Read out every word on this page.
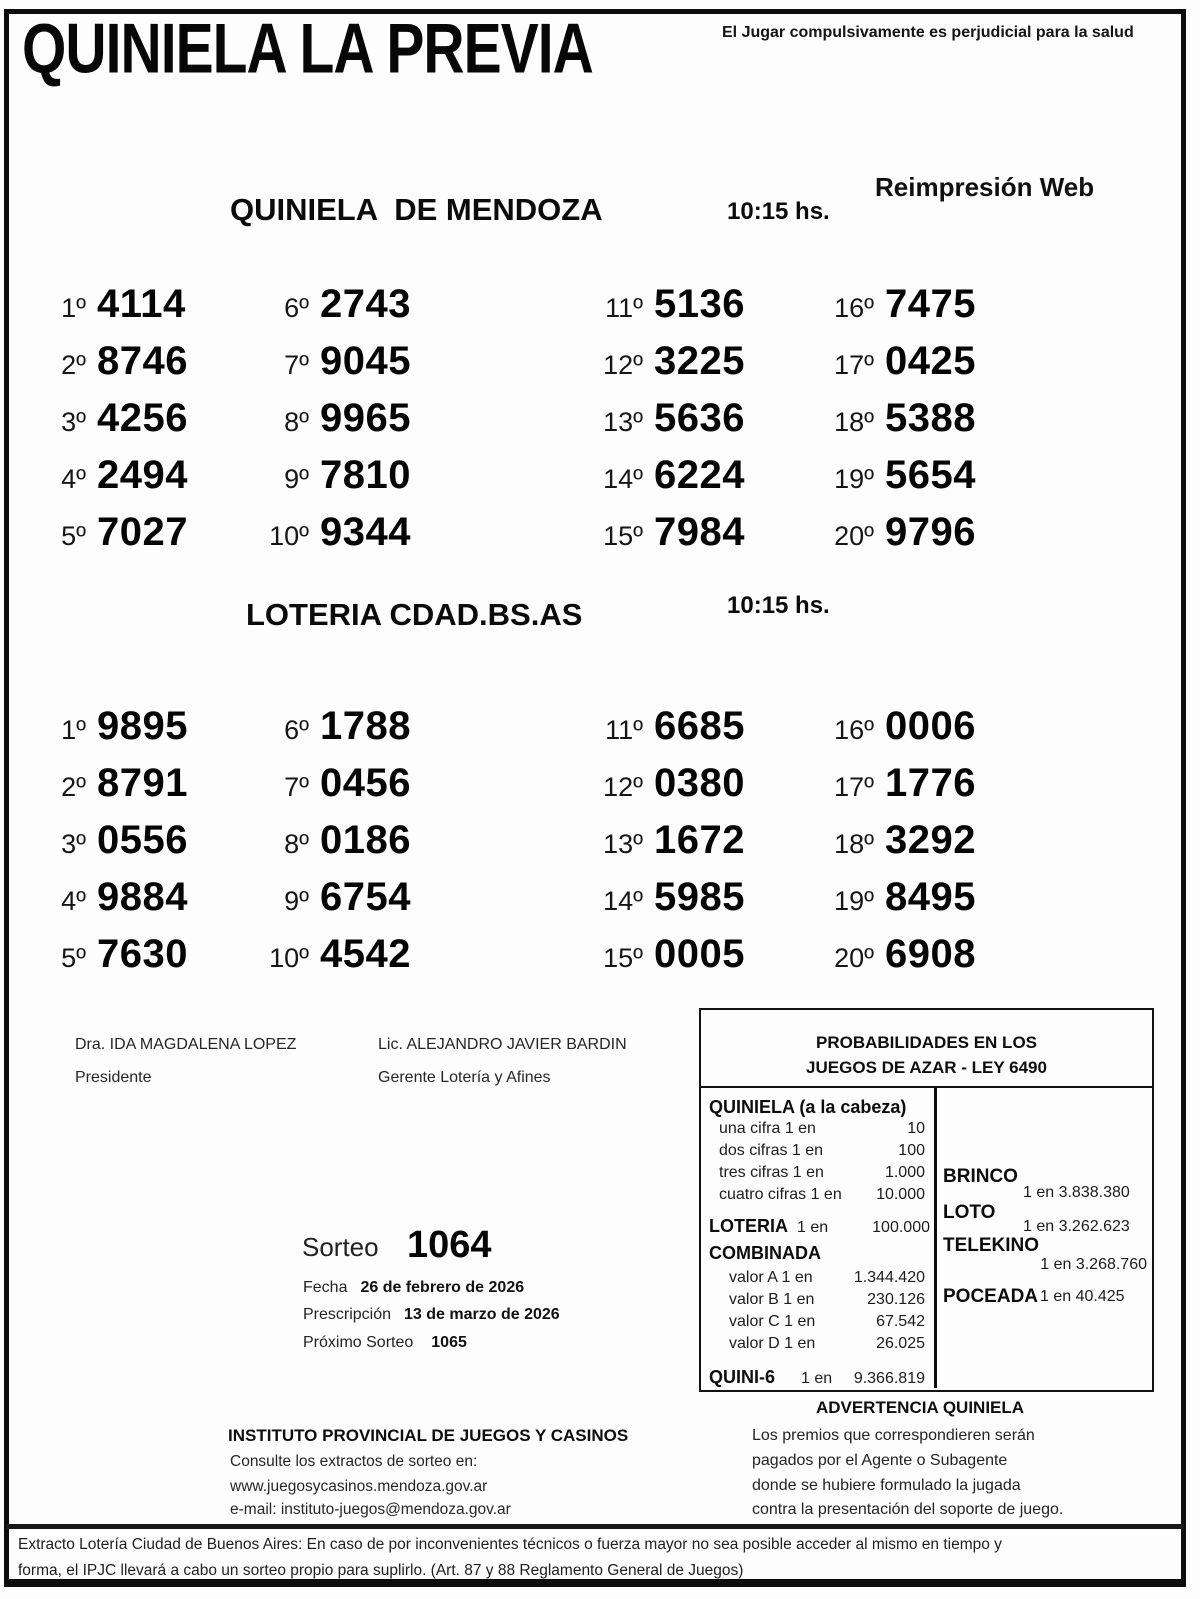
QUINIELA LA PREVIA	El Jugar compulsivamente es perjudicial para la salud
Reimpresión Web
QUINIELA  DE MENDOZA	10:15 hs.
1º 4114
2º 8746
3º 4256
4º 2494
5º 7027
6º 2743
7º 9045
8º 9965
9º 7810
10º 9344
11º 5136
12º 3225
13º 5636
14º 6224
15º 7984
16º 7475
17º 0425
18º 5388
19º 5654
20º 9796
LOTERIA CDAD.BS.AS	10:15 hs.
1º 9895
2º 8791
3º 0556
4º 9884
5º 7630
6º 1788
7º 0456
8º 0186
9º 6754
10º 4542
11º 6685
12º 0380
13º 1672
14º 5985
15º 0005
16º 0006
17º 1776
18º 3292
19º 8495
20º 6908
Dra. IDA MAGDALENA LOPEZ
Presidente
Lic. ALEJANDRO JAVIER BARDIN
Gerente Lotería y Afines
Sorteo 1064
Fecha 26 de febrero de 2026
Prescripción 13 de marzo de 2026
Próximo Sorteo 1065
PROBABILIDADES EN LOS
JUEGOS DE AZAR - LEY 6490
QUINIELA (a la cabeza)
una cifra 1 en	10
dos cifras 1 en	100
tres cifras 1 en	1.000
cuatro cifras 1 en 10.000
LOTERIA 1 en	100.000
COMBINADA
valor A 1 en	1.344.420
valor B 1 en	230.126
valor C 1 en	67.542
valor D 1 en	26.025
QUINI-6	1 en 9.366.819
BRINCO
1 en 3.838.380
LOTO
1 en 3.262.623
TELEKINO
1 en 3.268.760
POCEADA 1 en 40.425
ADVERTENCIA QUINIELA
Los premios que correspondieren serán
pagados por el Agente o Subagente
donde se hubiere formulado la jugada
contra la presentación del soporte de juego.
INSTITUTO PROVINCIAL DE JUEGOS Y CASINOS
Consulte los extractos de sorteo en:
www.juegosycasinos.mendoza.gov.ar
e-mail: instituto-juegos@mendoza.gov.ar
Extracto Lotería Ciudad de Buenos Aires: En caso de por inconvenientes técnicos o fuerza mayor no sea posible acceder al mismo en tiempo y
forma, el IPJC llevará a cabo un sorteo propio para suplirlo. (Art. 87 y 88 Reglamento General de Juegos)
